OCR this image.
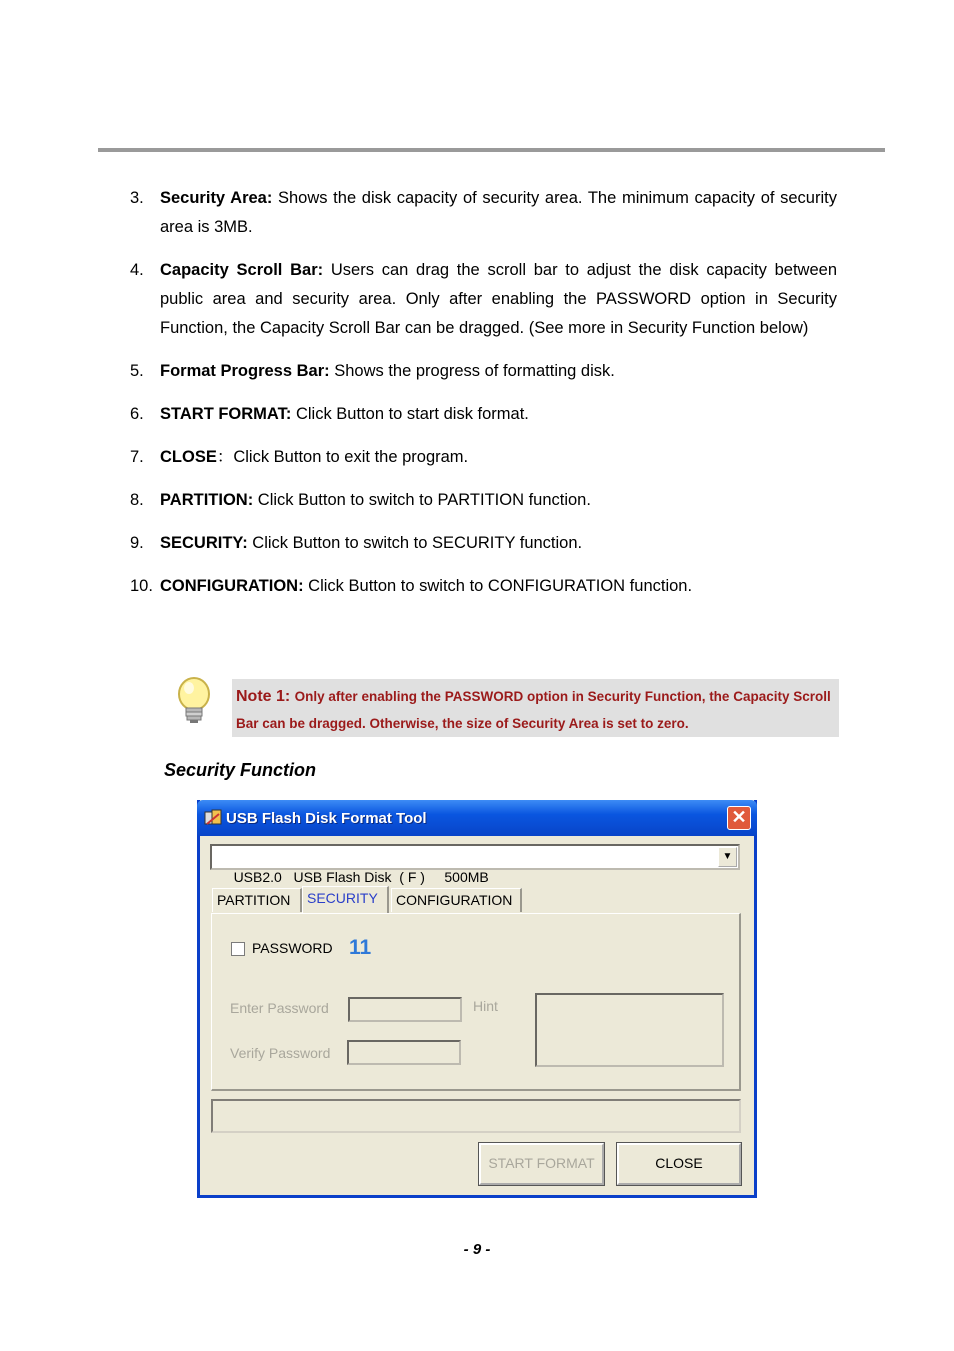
3. Security Area: Shows the disk capacity of security area. The minimum capacity of security area is 3MB.
4. Capacity Scroll Bar: Users can drag the scroll bar to adjust the disk capacity between public area and security area. Only after enabling the PASSWORD option in Security Function, the Capacity Scroll Bar can be dragged. (See more in Security Function below)
5. Format Progress Bar: Shows the progress of formatting disk.
6. START FORMAT: Click Button to start disk format.
7. CLOSE：Click Button to exit the program.
8. PARTITION: Click Button to switch to PARTITION function.
9. SECURITY: Click Button to switch to SECURITY function.
10. CONFIGURATION: Click Button to switch to CONFIGURATION function.
Note 1: Only after enabling the PASSWORD option in Security Function, the Capacity Scroll Bar can be dragged. Otherwise, the size of Security Area is set to zero.
Security Function
USB Flash Disk Format Tool	✕

USB2.0   USB Flash Disk  ( F )     500MB

▼

PARTITION	SECURITY	CONFIGURATION
PASSWORD 11
Enter Password	Hint
Verify Password
START FORMAT	CLOSE
- 9 -
